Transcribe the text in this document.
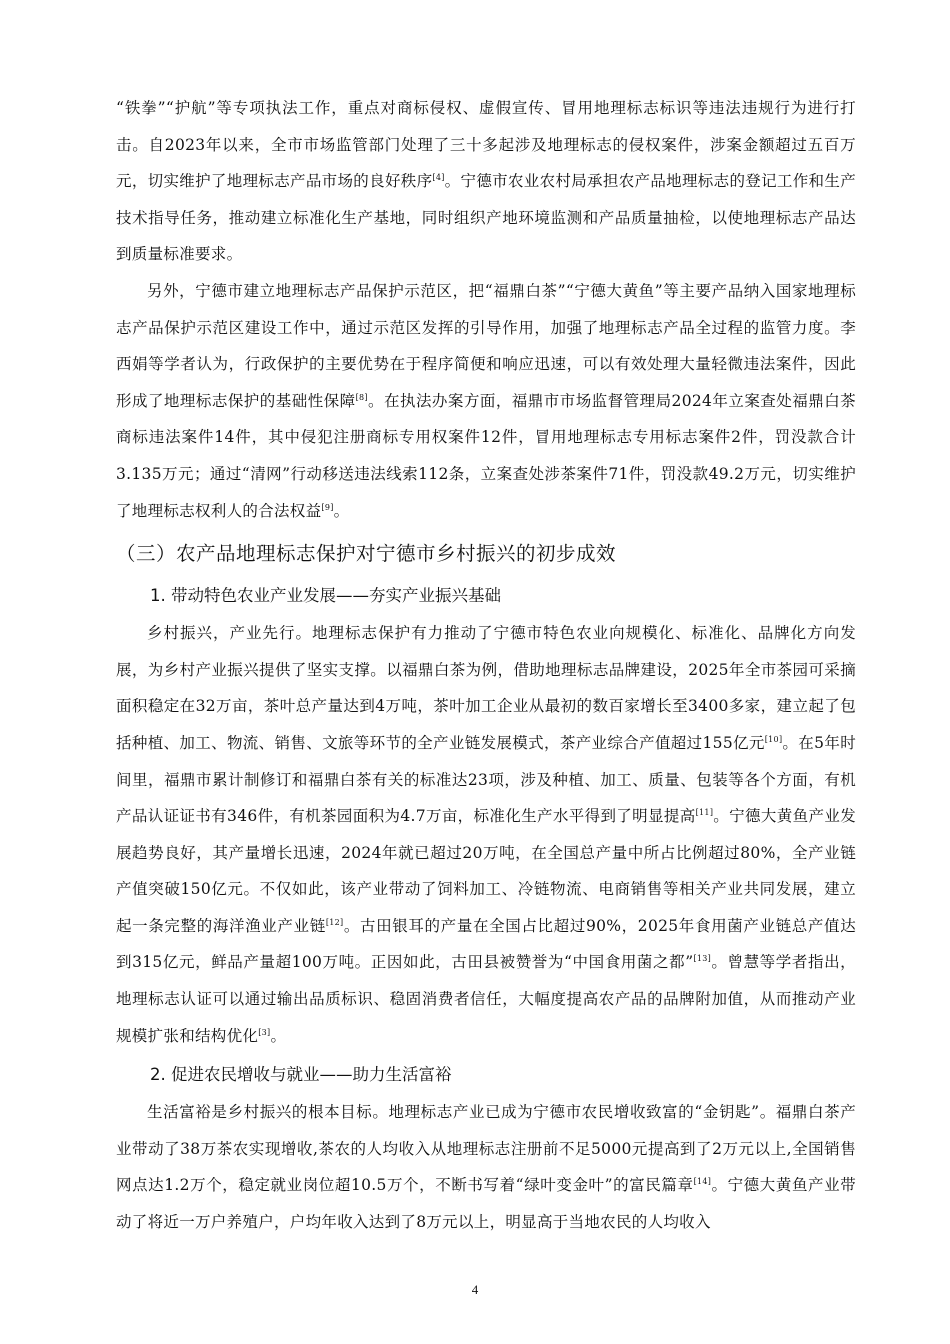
“铁拳”“护航”等专项执法工作，重点对商标侵权、虚假宣传、冒用地理标志标识等违法违规行为进行打击。自2023年以来，全市市场监管部门处理了三十多起涉及地理标志的侵权案件，涉案金额超过五百万元，切实维护了地理标志产品市场的良好秩序[4]。宁德市农业农村局承担农产品地理标志的登记工作和生产技术指导任务，推动建立标准化生产基地，同时组织产地环境监测和产品质量抽检，以使地理标志产品达到质量标准要求。

另外，宁德市建立地理标志产品保护示范区，把“福鼎白茶”“宁德大黄鱼”等主要产品纳入国家地理标志产品保护示范区建设工作中，通过示范区发挥的引导作用，加强了地理标志产品全过程的监管力度。李西娟等学者认为，行政保护的主要优势在于程序简便和响应迅速，可以有效处理大量轻微违法案件，因此形成了地理标志保护的基础性保障[8]。在执法办案方面，福鼎市市场监督管理局2024年立案查处福鼎白茶商标违法案件14件，其中侵犯注册商标专用权案件12件，冒用地理标志专用标志案件2件，罚没款合计3.135万元；通过“清网”行动移送违法线索112条，立案查处涉茶案件71件，罚没款49.2万元，切实维护了地理标志权利人的合法权益[9]。

（三）农产品地理标志保护对宁德市乡村振兴的初步成效
1. 带动特色农业产业发展——夯实产业振兴基础

乡村振兴，产业先行。地理标志保护有力推动了宁德市特色农业向规模化、标准化、品牌化方向发展，为乡村产业振兴提供了坚实支撑。以福鼎白茶为例，借助地理标志品牌建设，2025年全市茶园可采摘面积稳定在32万亩，茶叶总产量达到4万吨，茶叶加工企业从最初的数百家增长至3400多家，建立起了包括种植、加工、物流、销售、文旅等环节的全产业链发展模式，茶产业综合产值超过155亿元[10]。在5年时间里，福鼎市累计制修订和福鼎白茶有关的标准达23项，涉及种植、加工、质量、包装等各个方面，有机产品认证证书有346件，有机茶园面积为4.7万亩，标准化生产水平得到了明显提高[11]。宁德大黄鱼产业发展趋势良好，其产量增长迅速，2024年就已超过20万吨，在全国总产量中所占比例超过80%，全产业链产值突破150亿元。不仅如此，该产业带动了饲料加工、冷链物流、电商销售等相关产业共同发展，建立起一条完整的海洋渔业产业链[12]。古田银耳的产量在全国占比超过90%，2025年食用菌产业链总产值达到315亿元，鲜品产量超100万吨。正因如此，古田县被赞誉为“中国食用菌之都”[13]。曾慧等学者指出，地理标志认证可以通过输出品质标识、稳固消费者信任，大幅度提高农产品的品牌附加值，从而推动产业规模扩张和结构优化[3]。

2. 促进农民增收与就业——助力生活富裕

生活富裕是乡村振兴的根本目标。地理标志产业已成为宁德市农民增收致富的“金钥匙”。福鼎白茶产业带动了38万茶农实现增收,茶农的人均收入从地理标志注册前不足5000元提高到了2万元以上,全国销售网点达1.2万个，稳定就业岗位超10.5万个，不断书写着“绿叶变金叶”的富民篇章[14]。宁德大黄鱼产业带动了将近一万户养殖户，户均年收入达到了8万元以上，明显高于当地农民的人均收入

4
